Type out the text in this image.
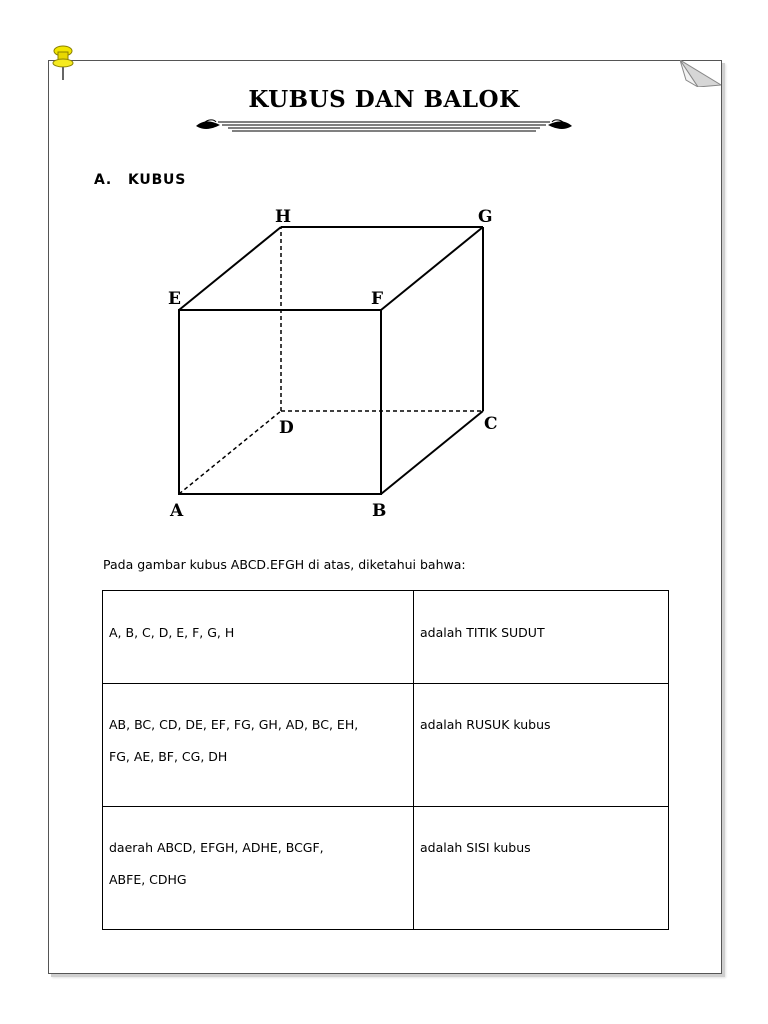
KUBUS DAN BALOK
A. KUBUS
H	G
E	F
D	C
A	B
Pada gambar kubus ABCD.EFGH di atas, diketahui bahwa:

A, B, C, D, E, F, G, H	adalah TITIK SUDUT

AB, BC, CD, DE, EF, FG, GH, AD, BC, EH,

FG, AE, BF, CG, DH	adalah RUSUK kubus

daerah ABCD, EFGH, ADHE, BCGF,

ABFE, CDHG	adalah SISI kubus
